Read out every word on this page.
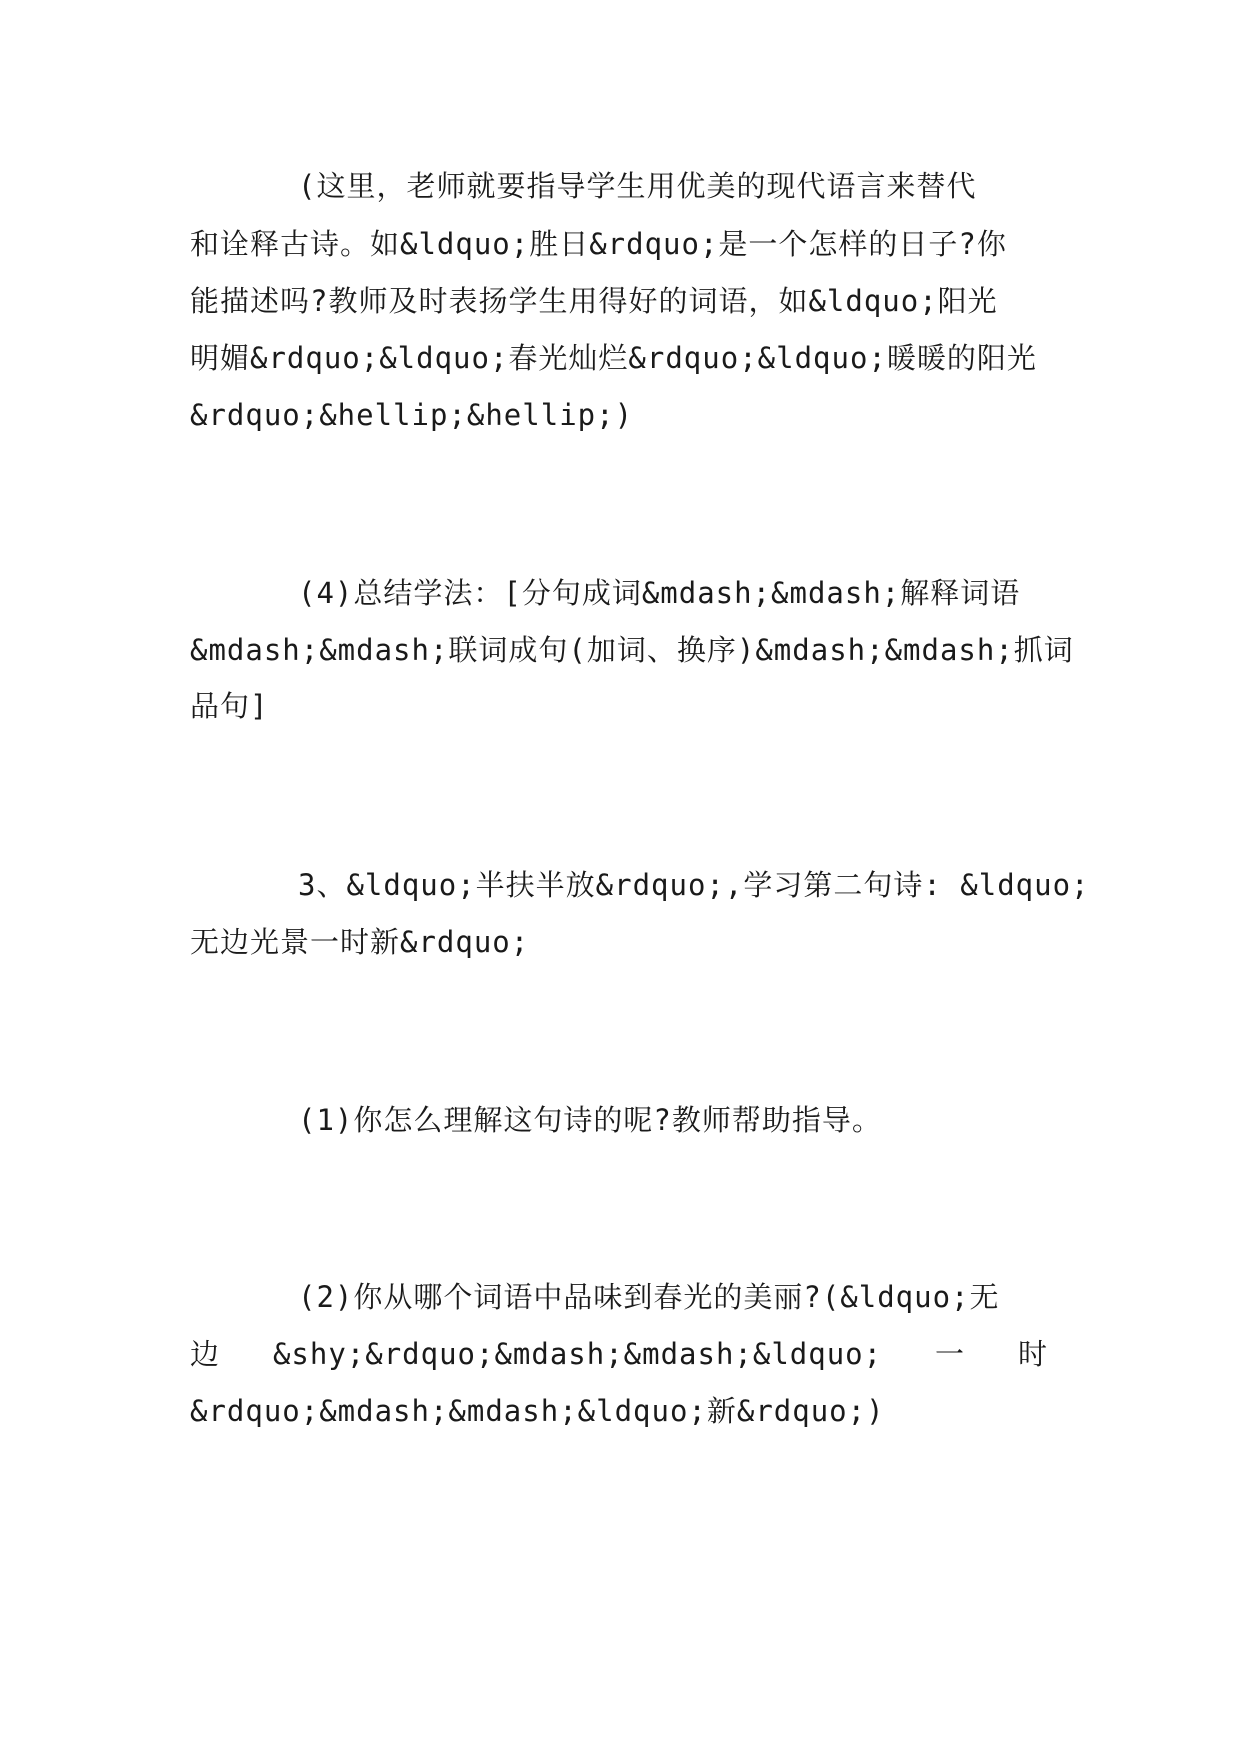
(这里，老师就要指导学生用优美的现代语言来替代
和诠释古诗。如&ldquo;胜日&rdquo;是一个怎样的日子?你
能描述吗?教师及时表扬学生用得好的词语，如&ldquo;阳光
明媚&rdquo;&ldquo;春光灿烂&rdquo;&ldquo;暖暖的阳光
&rdquo;&hellip;&hellip;)
(4)总结学法：[分句成词&mdash;&mdash;解释词语
&mdash;&mdash;联词成句(加词、换序)&mdash;&mdash;抓词
品句]
3、&ldquo;半扶半放&rdquo;,学习第二句诗: &ldquo;
无边光景一时新&rdquo;
(1)你怎么理解这句诗的呢?教师帮助指导。
(2)你从哪个词语中品味到春光的美丽?(&ldquo;无
边 &shy;&rdquo;&mdash;&mdash;&ldquo; 一 时
&rdquo;&mdash;&mdash;&ldquo;新&rdquo;)
